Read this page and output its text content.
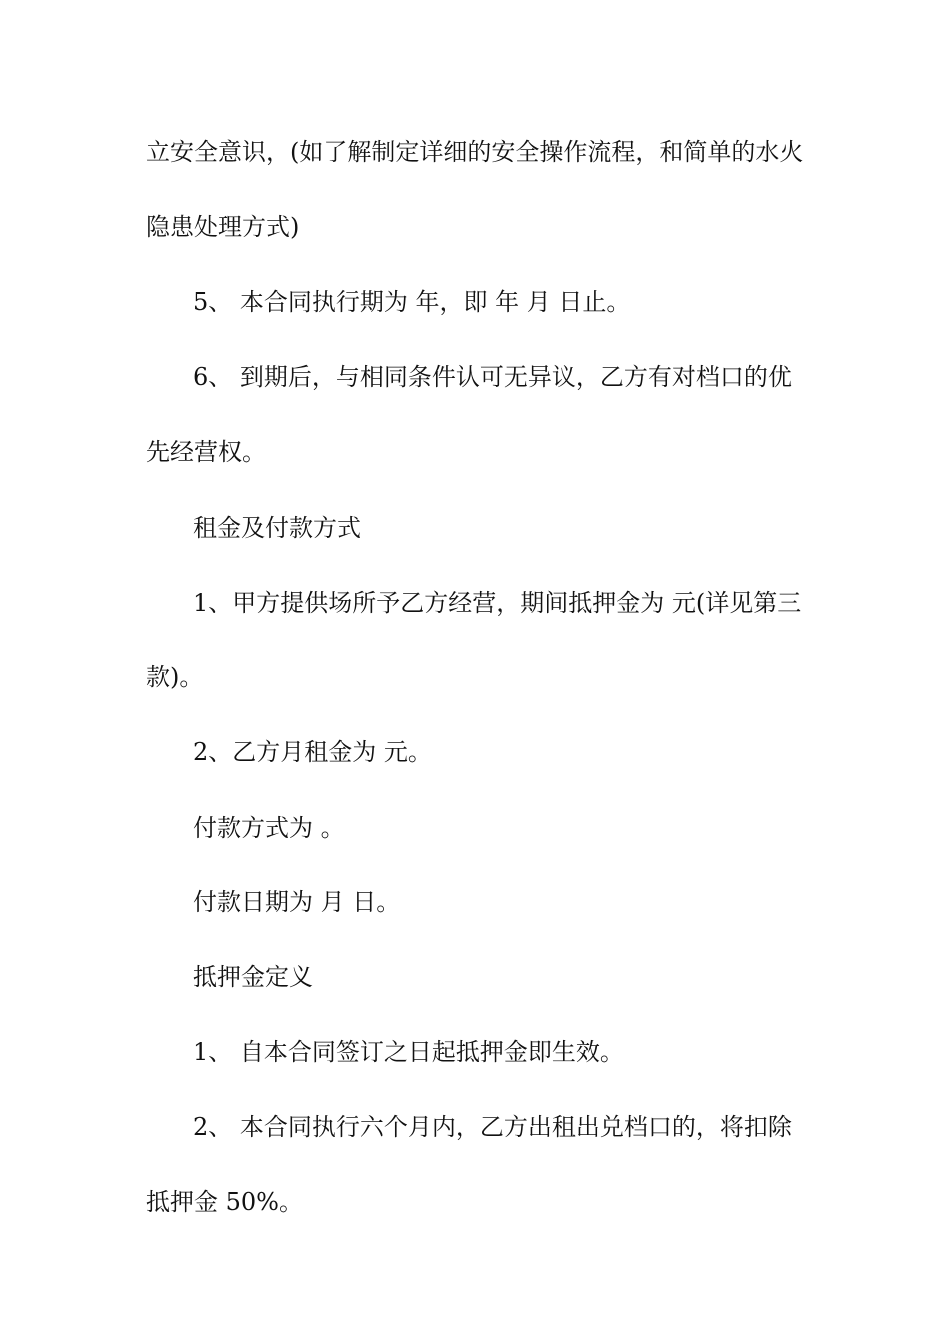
立安全意识，(如了解制定详细的安全操作流程，和简单的水火
隐患处理方式)
5、 本合同执行期为 年，即 年 月 日止。
6、 到期后，与相同条件认可无异议，乙方有对档口的优
先经营权。
租金及付款方式
1、甲方提供场所予乙方经营，期间抵押金为 元(详见第三
款)。
2、乙方月租金为 元。
付款方式为 。
付款日期为 月 日。
抵押金定义
1、 自本合同签订之日起抵押金即生效。
2、 本合同执行六个月内，乙方出租出兑档口的，将扣除
抵押金 50%。
